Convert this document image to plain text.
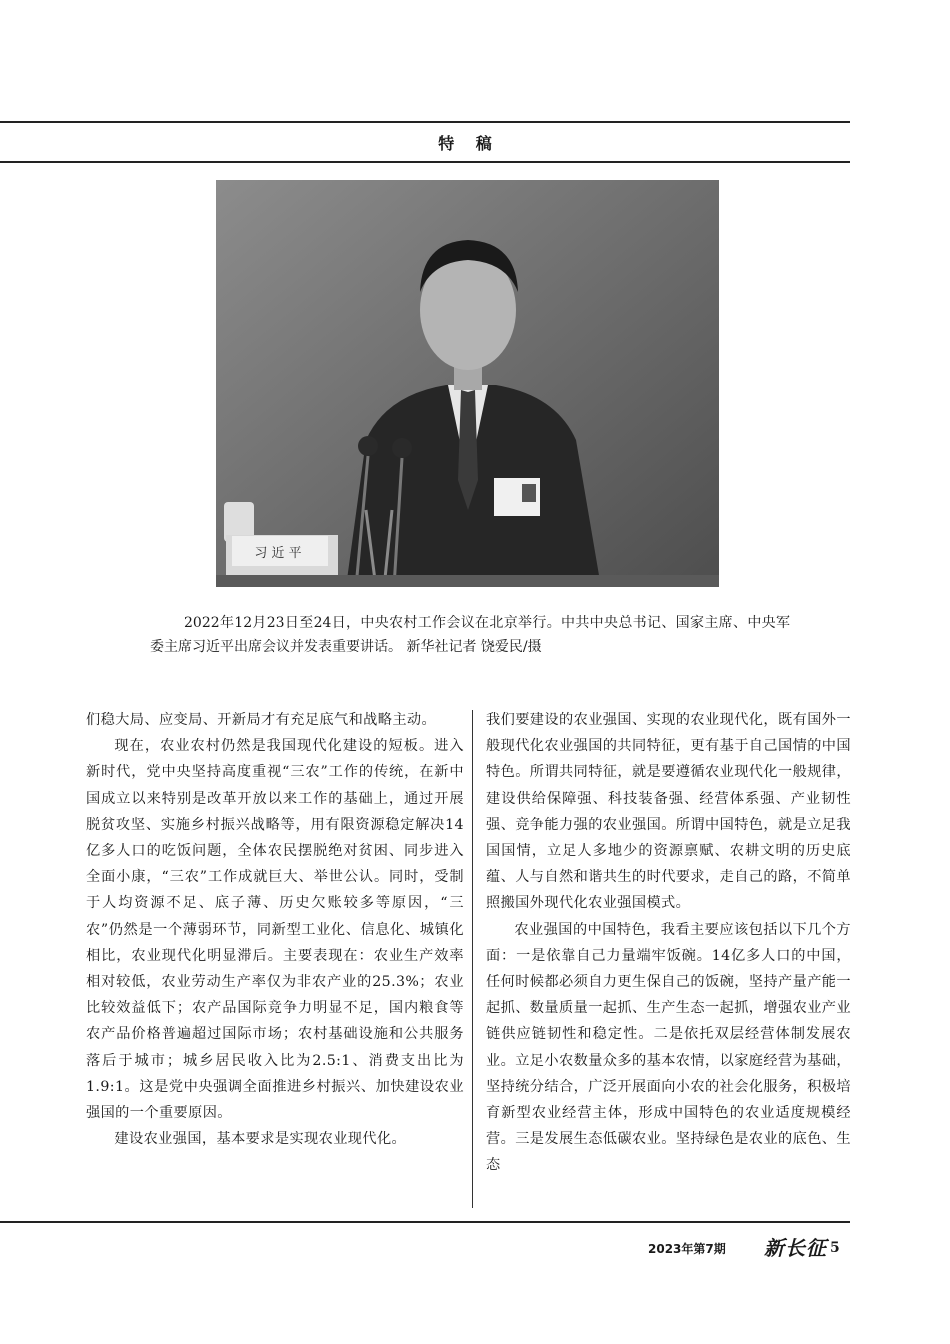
特 稿
习 近 平
2022年12月23日至24日，中央农村工作会议在北京举行。中共中央总书记、国家主席、中央军委主席习近平出席会议并发表重要讲话。 新华社记者 饶爱民/摄

们稳大局、应变局、开新局才有充足底气和战略主动。

现在，农业农村仍然是我国现代化建设的短板。进入新时代，党中央坚持高度重视“三农”工作的传统，在新中国成立以来特别是改革开放以来工作的基础上，通过开展脱贫攻坚、实施乡村振兴战略等，用有限资源稳定解决14亿多人口的吃饭问题，全体农民摆脱绝对贫困、同步进入全面小康，“三农”工作成就巨大、举世公认。同时，受制于人均资源不足、底子薄、历史欠账较多等原因，“三农”仍然是一个薄弱环节，同新型工业化、信息化、城镇化相比，农业现代化明显滞后。主要表现在：农业生产效率相对较低，农业劳动生产率仅为非农产业的25.3%；农业比较效益低下；农产品国际竞争力明显不足，国内粮食等农产品价格普遍超过国际市场；农村基础设施和公共服务落后于城市；城乡居民收入比为2.5:1、消费支出比为1.9:1。这是党中央强调全面推进乡村振兴、加快建设农业强国的一个重要原因。

建设农业强国，基本要求是实现农业现代化。

我们要建设的农业强国、实现的农业现代化，既有国外一般现代化农业强国的共同特征，更有基于自己国情的中国特色。所谓共同特征，就是要遵循农业现代化一般规律，建设供给保障强、科技装备强、经营体系强、产业韧性强、竞争能力强的农业强国。所谓中国特色，就是立足我国国情，立足人多地少的资源禀赋、农耕文明的历史底蕴、人与自然和谐共生的时代要求，走自己的路，不简单照搬国外现代化农业强国模式。

农业强国的中国特色，我看主要应该包括以下几个方面：一是依靠自己力量端牢饭碗。14亿多人口的中国，任何时候都必须自力更生保自己的饭碗，坚持产量产能一起抓、数量质量一起抓、生产生态一起抓，增强农业产业链供应链韧性和稳定性。二是依托双层经营体制发展农业。立足小农数量众多的基本农情，以家庭经营为基础，坚持统分结合，广泛开展面向小农的社会化服务，积极培育新型农业经营主体，形成中国特色的农业适度规模经营。三是发展生态低碳农业。坚持绿色是农业的底色、生态

2023年第7期 新长征 5
